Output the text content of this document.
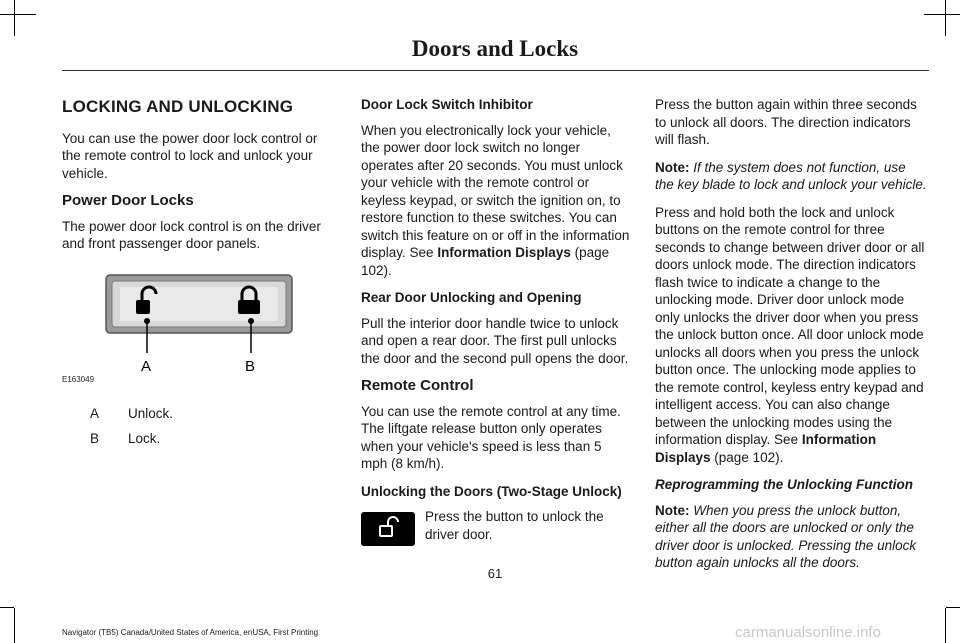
Doors and Locks
LOCKING AND UNLOCKING

You can use the power door lock control or the remote control to lock and unlock your vehicle.

Power Door Locks

The power door lock control is on the driver and front passenger door panels.

A	B
E163049
A	Unlock.
B	Lock.
Door Lock Switch Inhibitor

When you electronically lock your vehicle, the power door lock switch no longer operates after 20 seconds. You must unlock your vehicle with the remote control or keyless keypad, or switch the ignition on, to restore function to these switches. You can switch this feature on or off in the information display. See Information Displays (page 102).

Rear Door Unlocking and Opening

Pull the interior door handle twice to unlock and open a rear door. The first pull unlocks the door and the second pull opens the door.

Remote Control

You can use the remote control at any time. The liftgate release button only operates when your vehicle's speed is less than 5 mph (8 km/h).

Unlocking the Doors (Two-Stage Unlock)
Press the button to unlock the driver door.

Press the button again within three seconds to unlock all doors. The direction indicators will flash.

Note: If the system does not function, use the key blade to lock and unlock your vehicle.

Press and hold both the lock and unlock buttons on the remote control for three seconds to change between driver door or all doors unlock mode. The direction indicators flash twice to indicate a change to the unlocking mode. Driver door unlock mode only unlocks the driver door when you press the unlock button once. All door unlock mode unlocks all doors when you press the unlock button once. The unlocking mode applies to the remote control, keyless entry keypad and intelligent access. You can also change between the unlocking modes using the information display. See Information Displays (page 102).

Reprogramming the Unlocking Function

Note: When you press the unlock button, either all the doors are unlocked or only the driver door is unlocked. Pressing the unlock button again unlocks all the doors.

61
Navigator (TB5) Canada/United States of America, enUSA, First Printing	carmanualsonline.info
